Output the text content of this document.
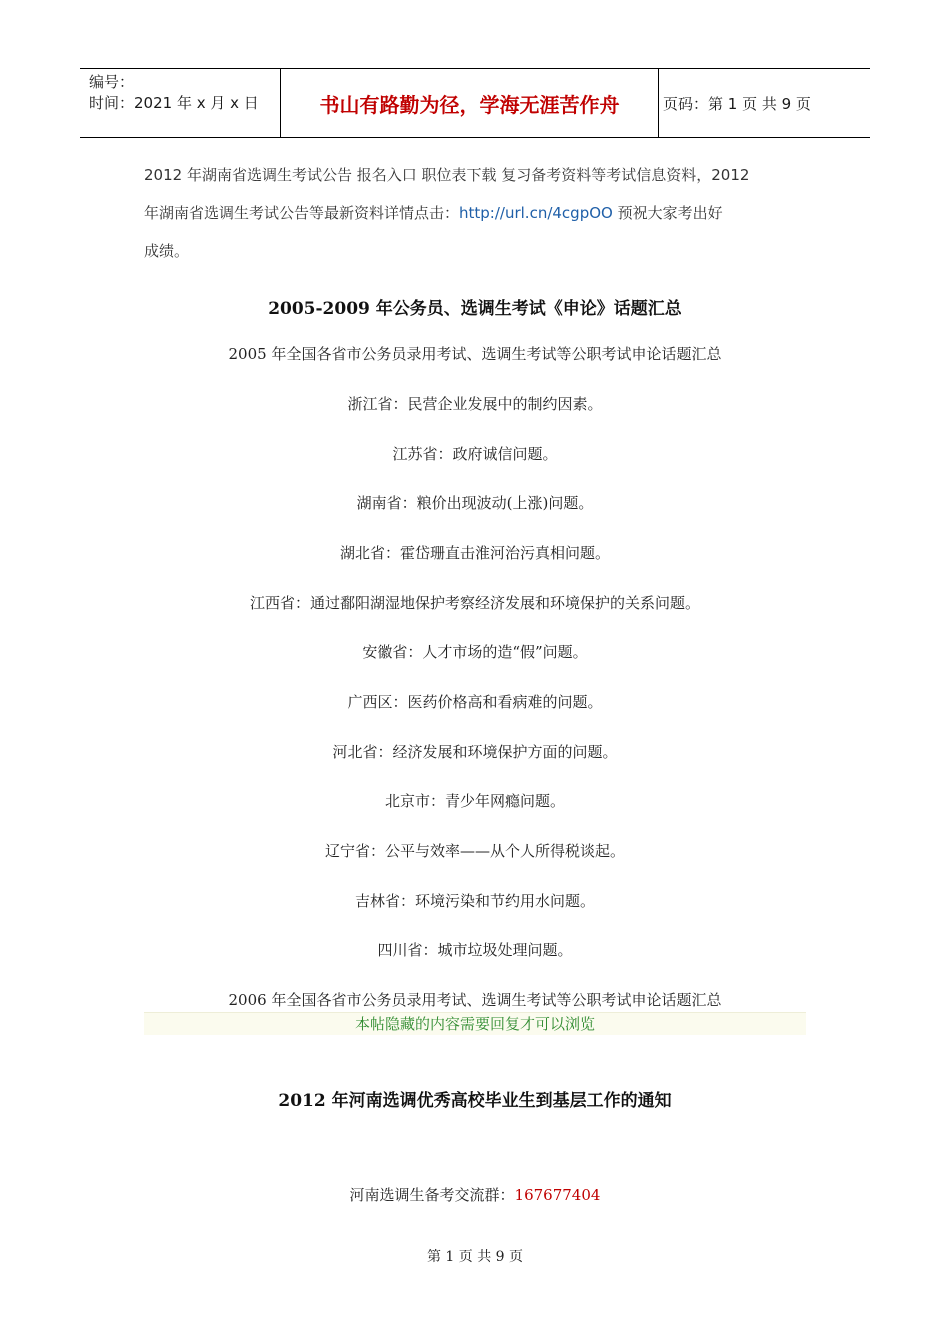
编号：
时间：2021 年 x 月 x 日	书山有路勤为径，学海无涯苦作舟	页码：第 1 页 共 9 页
2012 年湖南省选调生考试公告 报名入口 职位表下载 复习备考资料等考试信息资料，2012
年湖南省选调生考试公告等最新资料详情点击：http://url.cn/4cgpOO 预祝大家考出好
成绩。
2005-2009 年公务员、选调生考试《申论》话题汇总
2005 年全国各省市公务员录用考试、选调生考试等公职考试申论话题汇总
浙江省：民营企业发展中的制约因素。
江苏省：政府诚信问题。
湖南省：粮价出现波动(上涨)问题。
湖北省：霍岱珊直击淮河治污真相问题。
江西省：通过鄱阳湖湿地保护考察经济发展和环境保护的关系问题。
安徽省：人才市场的造“假”问题。
广西区：医药价格高和看病难的问题。
河北省：经济发展和环境保护方面的问题。
北京市：青少年网瘾问题。
辽宁省：公平与效率——从个人所得税谈起。
吉林省：环境污染和节约用水问题。
四川省：城市垃圾处理问题。
2006 年全国各省市公务员录用考试、选调生考试等公职考试申论话题汇总
本帖隐藏的内容需要回复才可以浏览
2012 年河南选调优秀高校毕业生到基层工作的通知
河南选调生备考交流群：167677404
第 1 页 共 9 页
